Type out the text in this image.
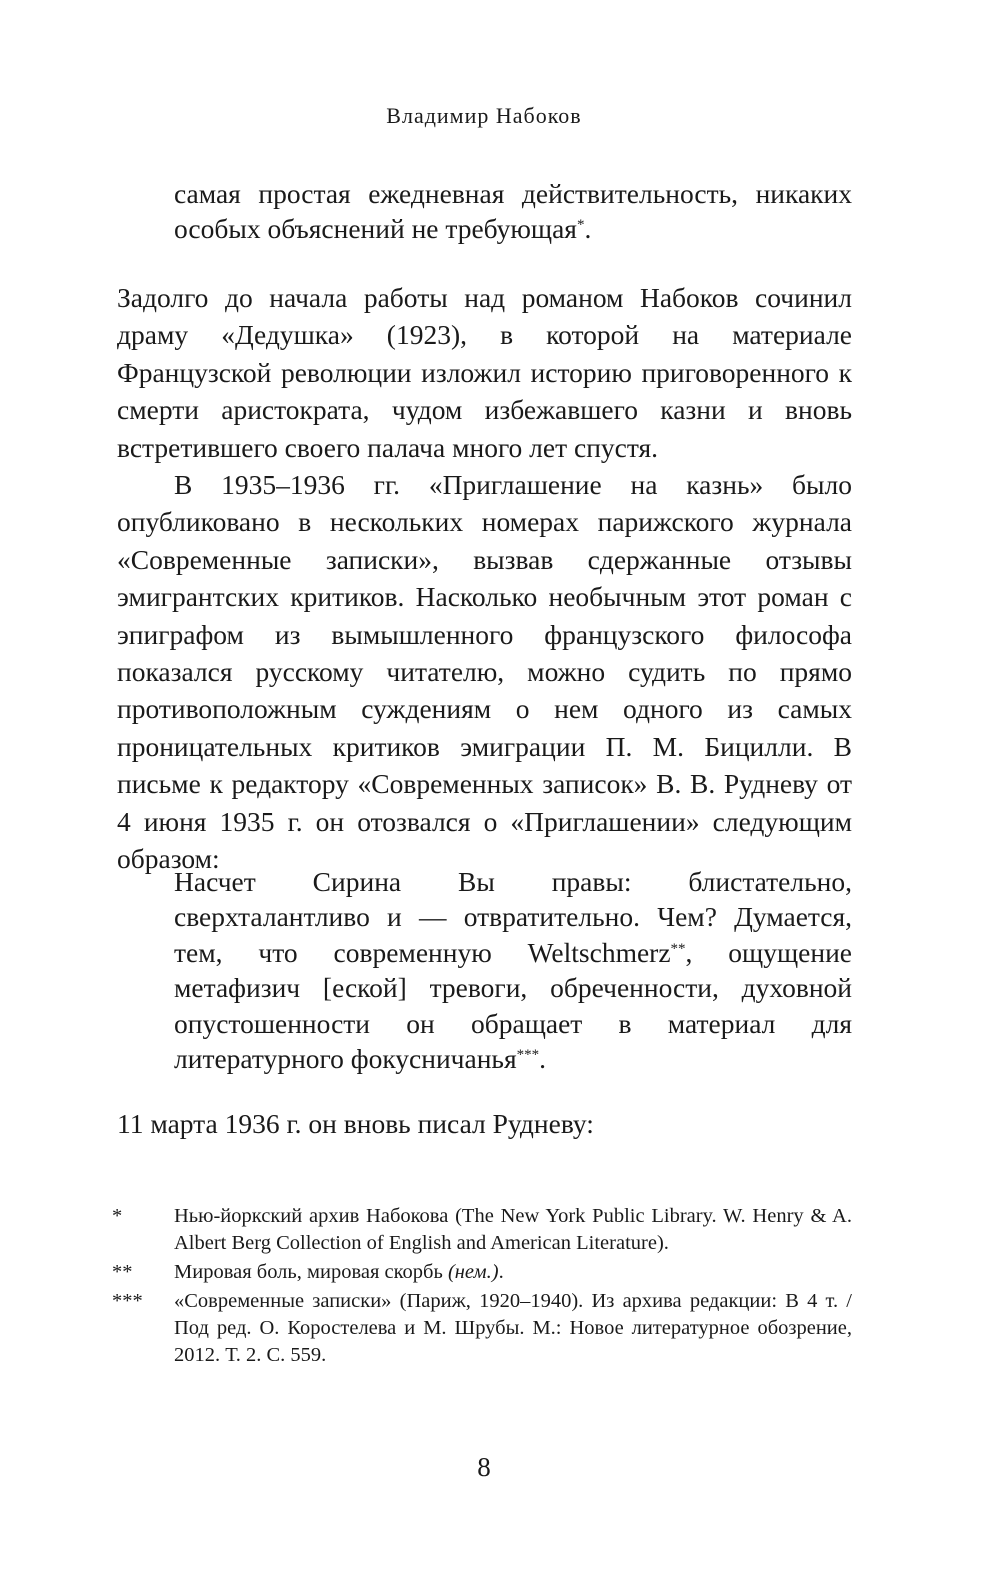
Владимир Набоков

самая простая ежедневная действительность, никаких особых объяснений не требующая*.

Задолго до начала работы над романом Набоков сочинил драму «Дедушка» (1923), в которой на материале Французской революции изложил историю приговоренного к смерти аристократа, чудом избежавшего казни и вновь встретившего своего палача много лет спустя.

В 1935–1936 гг. «Приглашение на казнь» было опубликовано в нескольких номерах парижского журнала «Современные записки», вызвав сдержанные отзывы эмигрантских критиков. Насколько необычным этот роман с эпиграфом из вымышленного французского философа показался русскому читателю, можно судить по прямо противоположным суждениям о нем одного из самых проницательных критиков эмиграции П. М. Бицилли. В письме к редактору «Современных записок» В. В. Рудневу от 4 июня 1935 г. он отозвался о «Приглашении» следующим образом:

Насчет Сирина Вы правы: блистательно, сверхталантливо и — отвратительно. Чем? Думается, тем, что современную Weltschmerz**, ощущение метафизич [еской] тревоги, обреченности, духовной опустошенности он обращает в материал для литературного фокусничанья***.

11 марта 1936 г. он вновь писал Рудневу:

*	Нью-йоркский архив Набокова (The New York Public Library. W. Henry & A. Albert Berg Collection of English and American Literature).
** Мировая боль, мировая скорбь (нем.).
*** «Современные записки» (Париж, 1920–1940). Из архива редакции: В 4 т. / Под ред. О. Коростелева и М. Шрубы. М.: Новое литературное обозрение, 2012. Т. 2. С. 559.
8
